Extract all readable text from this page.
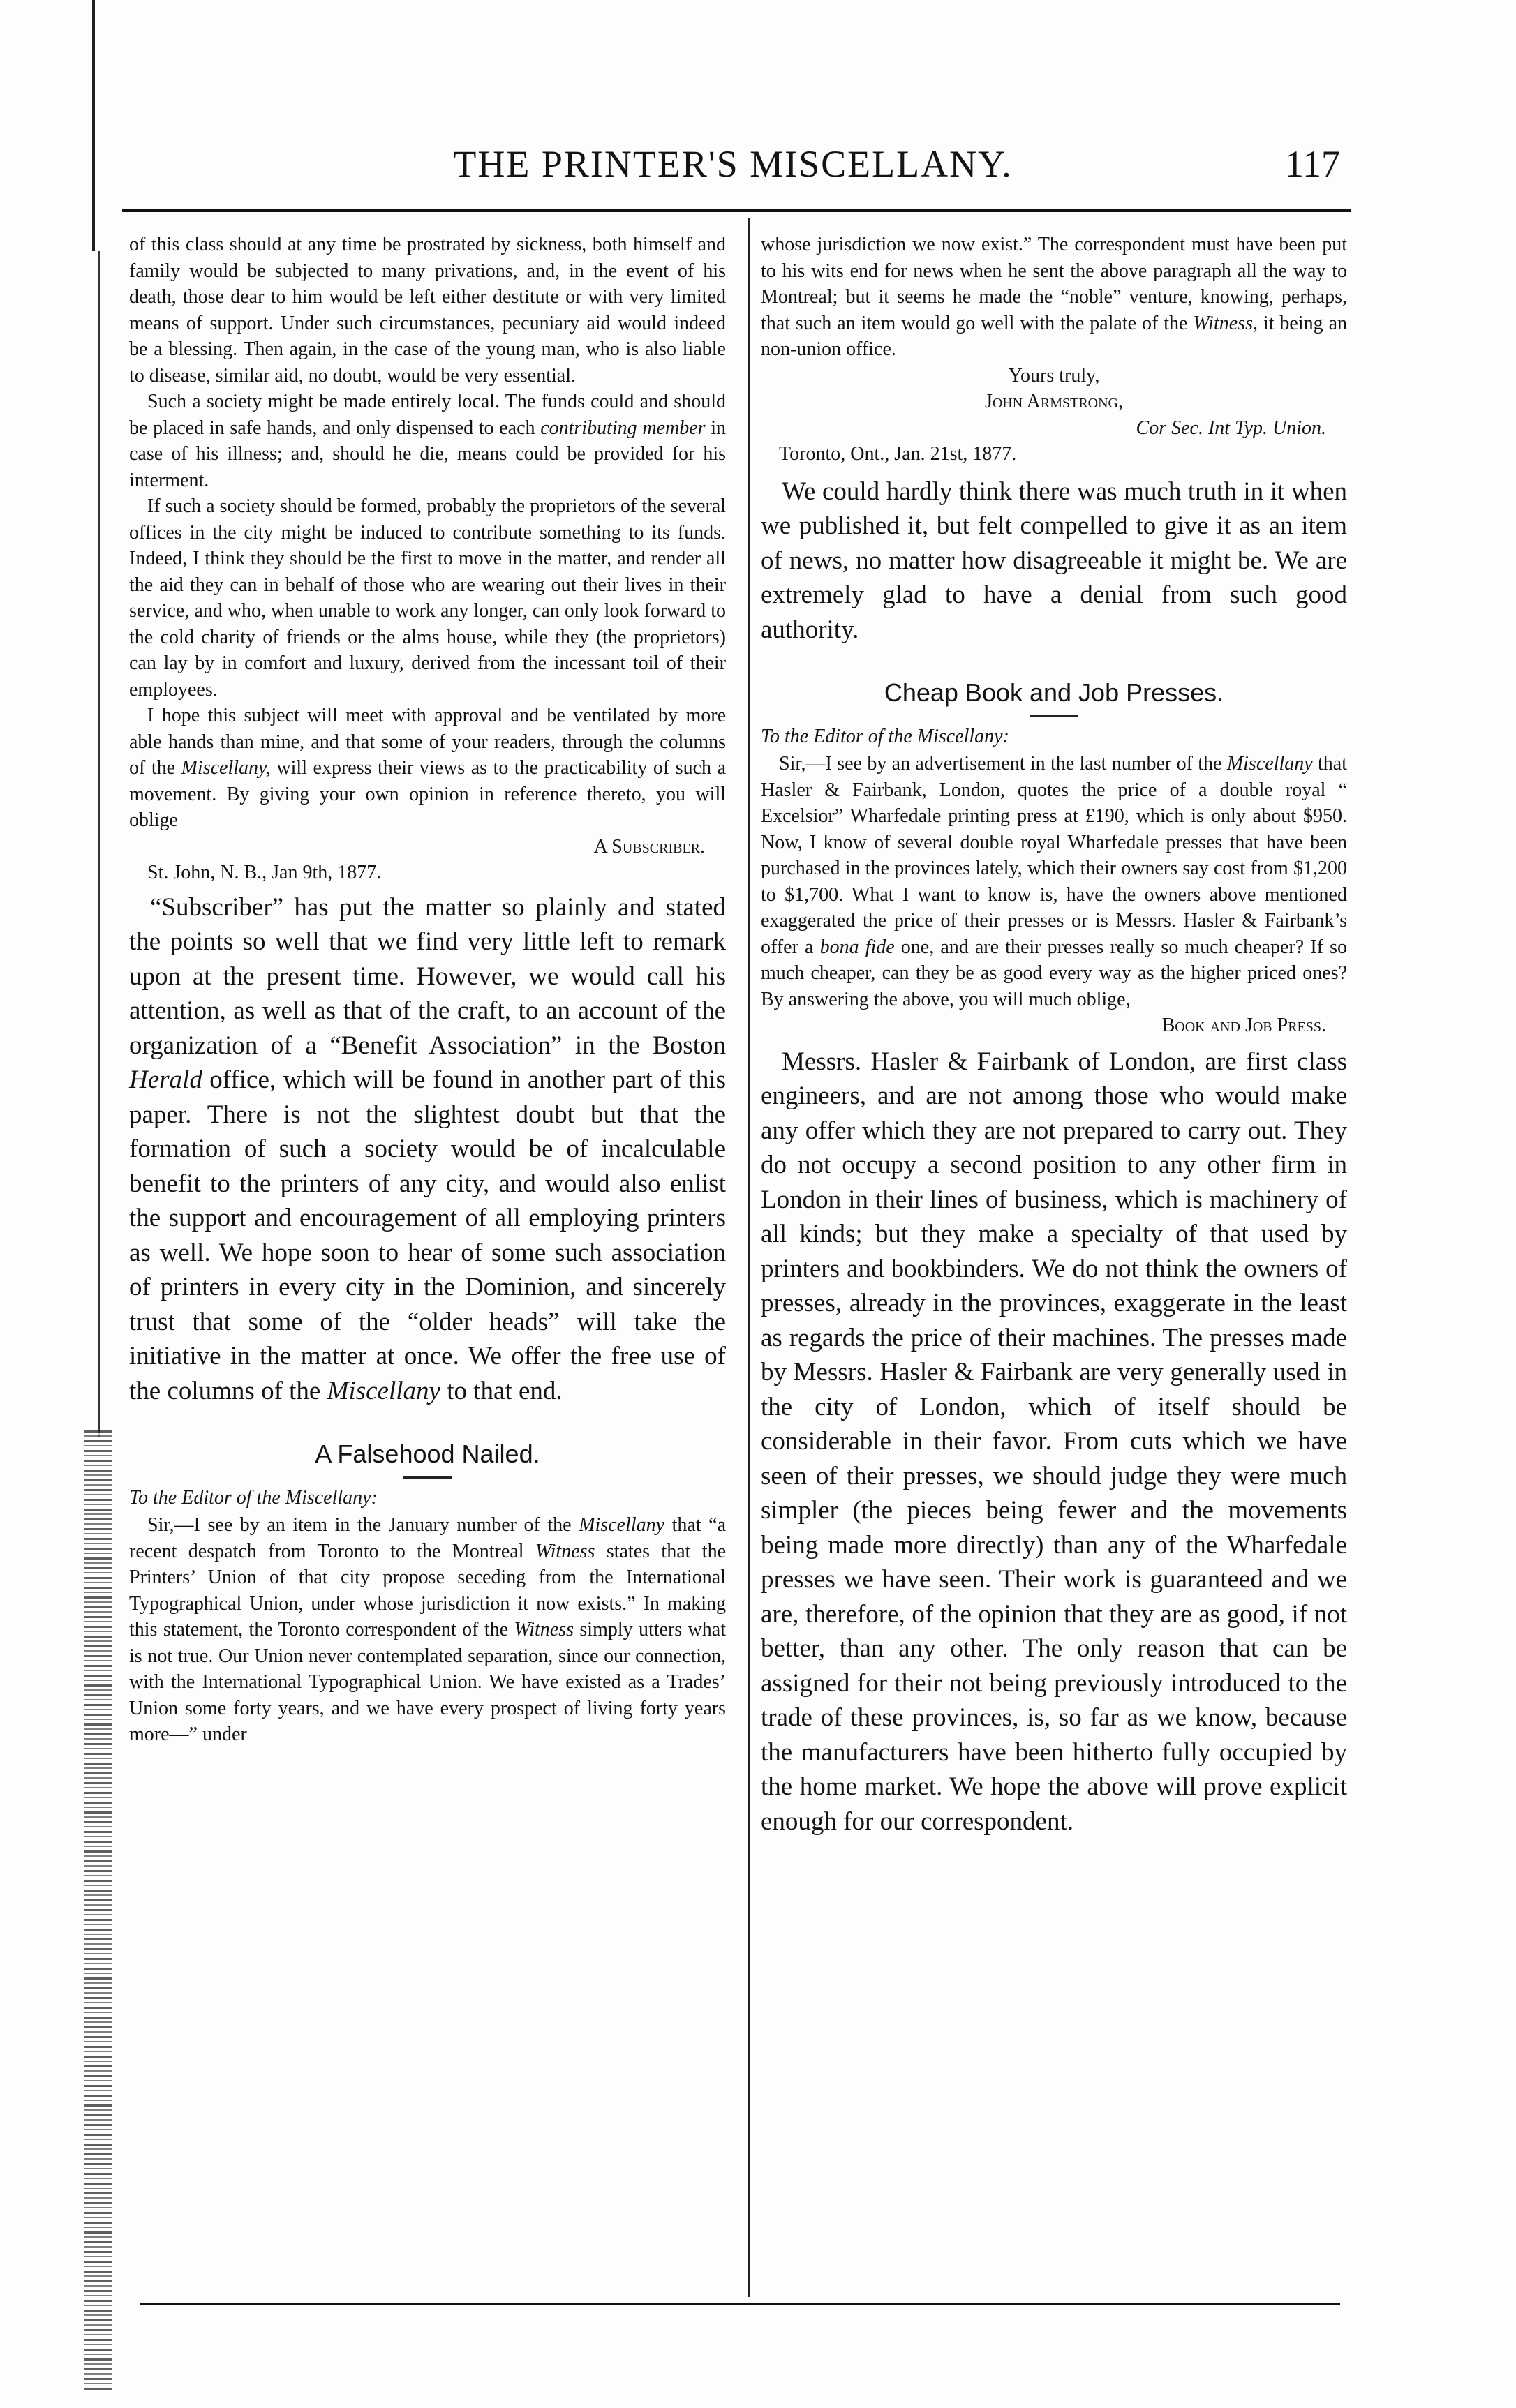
THE PRINTER'S MISCELLANY.	117

of this class should at any time be prostrated by sickness, both himself and family would be subjected to many privations, and, in the event of his death, those dear to him would be left either destitute or with very limited means of support. Under such circumstances, pecuniary aid would indeed be a blessing. Then again, in the case of the young man, who is also liable to disease, similar aid, no doubt, would be very essential.

Such a society might be made entirely local. The funds could and should be placed in safe hands, and only dispensed to each contributing member in case of his illness; and, should he die, means could be provided for his interment.

If such a society should be formed, probably the proprietors of the several offices in the city might be induced to contribute something to its funds. Indeed, I think they should be the first to move in the matter, and render all the aid they can in behalf of those who are wearing out their lives in their service, and who, when unable to work any longer, can only look forward to the cold charity of friends or the alms house, while they (the proprietors) can lay by in comfort and luxury, derived from the incessant toil of their employees.

I hope this subject will meet with approval and be ventilated by more able hands than mine, and that some of your readers, through the columns of the Miscellany, will express their views as to the practicability of such a movement. By giving your own opinion in reference thereto, you will oblige

A Subscriber.
St. John, N. B., Jan 9th, 1877.

“Subscriber” has put the matter so plainly and stated the points so well that we find very little left to remark upon at the present time. However, we would call his attention, as well as that of the craft, to an account of the organization of a “Benefit Association” in the Boston Herald office, which will be found in another part of this paper. There is not the slightest doubt but that the formation of such a society would be of incalculable benefit to the printers of any city, and would also enlist the support and encouragement of all employing printers as well. We hope soon to hear of some such association of printers in every city in the Dominion, and sincerely trust that some of the “older heads” will take the initiative in the matter at once. We offer the free use of the columns of the Miscellany to that end.

A Falsehood Nailed.
To the Editor of the Miscellany:

Sir,—I see by an item in the January number of the Miscellany that “a recent despatch from Toronto to the Montreal Witness states that the Printers’ Union of that city propose seceding from the International Typographical Union, under whose jurisdiction it now exists.” In making this statement, the Toronto correspondent of the Witness simply utters what is not true. Our Union never contemplated separation, since our connection, with the International Typographical Union. We have existed as a Trades’ Union some forty years, and we have every prospect of living forty years more—” under

whose jurisdiction we now exist.” The correspondent must have been put to his wits end for news when he sent the above paragraph all the way to Montreal; but it seems he made the “noble” venture, knowing, perhaps, that such an item would go well with the palate of the Witness, it being an non-union office.

Yours truly,
John Armstrong,
Cor Sec. Int Typ. Union.
Toronto, Ont., Jan. 21st, 1877.

We could hardly think there was much truth in it when we published it, but felt compelled to give it as an item of news, no matter how disagreeable it might be. We are extremely glad to have a denial from such good authority.

Cheap Book and Job Presses.
To the Editor of the Miscellany:

Sir,—I see by an advertisement in the last number of the Miscellany that Hasler & Fairbank, London, quotes the price of a double royal “ Excelsior” Wharfedale printing press at £190, which is only about $950. Now, I know of several double royal Wharfedale presses that have been purchased in the provinces lately, which their owners say cost from $1,200 to $1,700. What I want to know is, have the owners above mentioned exaggerated the price of their presses or is Messrs. Hasler & Fairbank’s offer a bona fide one, and are their presses really so much cheaper? If so much cheaper, can they be as good every way as the higher priced ones? By answering the above, you will much oblige,

Book and Job Press.

Messrs. Hasler & Fairbank of London, are first class engineers, and are not among those who would make any offer which they are not prepared to carry out. They do not occupy a second position to any other firm in London in their lines of business, which is machinery of all kinds; but they make a specialty of that used by printers and bookbinders. We do not think the owners of presses, already in the provinces, exaggerate in the least as regards the price of their machines. The presses made by Messrs. Hasler & Fairbank are very generally used in the city of London, which of itself should be considerable in their favor. From cuts which we have seen of their presses, we should judge they were much simpler (the pieces being fewer and the movements being made more directly) than any of the Wharfedale presses we have seen. Their work is guaranteed and we are, therefore, of the opinion that they are as good, if not better, than any other. The only reason that can be assigned for their not being previously introduced to the trade of these provinces, is, so far as we know, because the manufacturers have been hitherto fully occupied by the home market. We hope the above will prove explicit enough for our correspondent.
